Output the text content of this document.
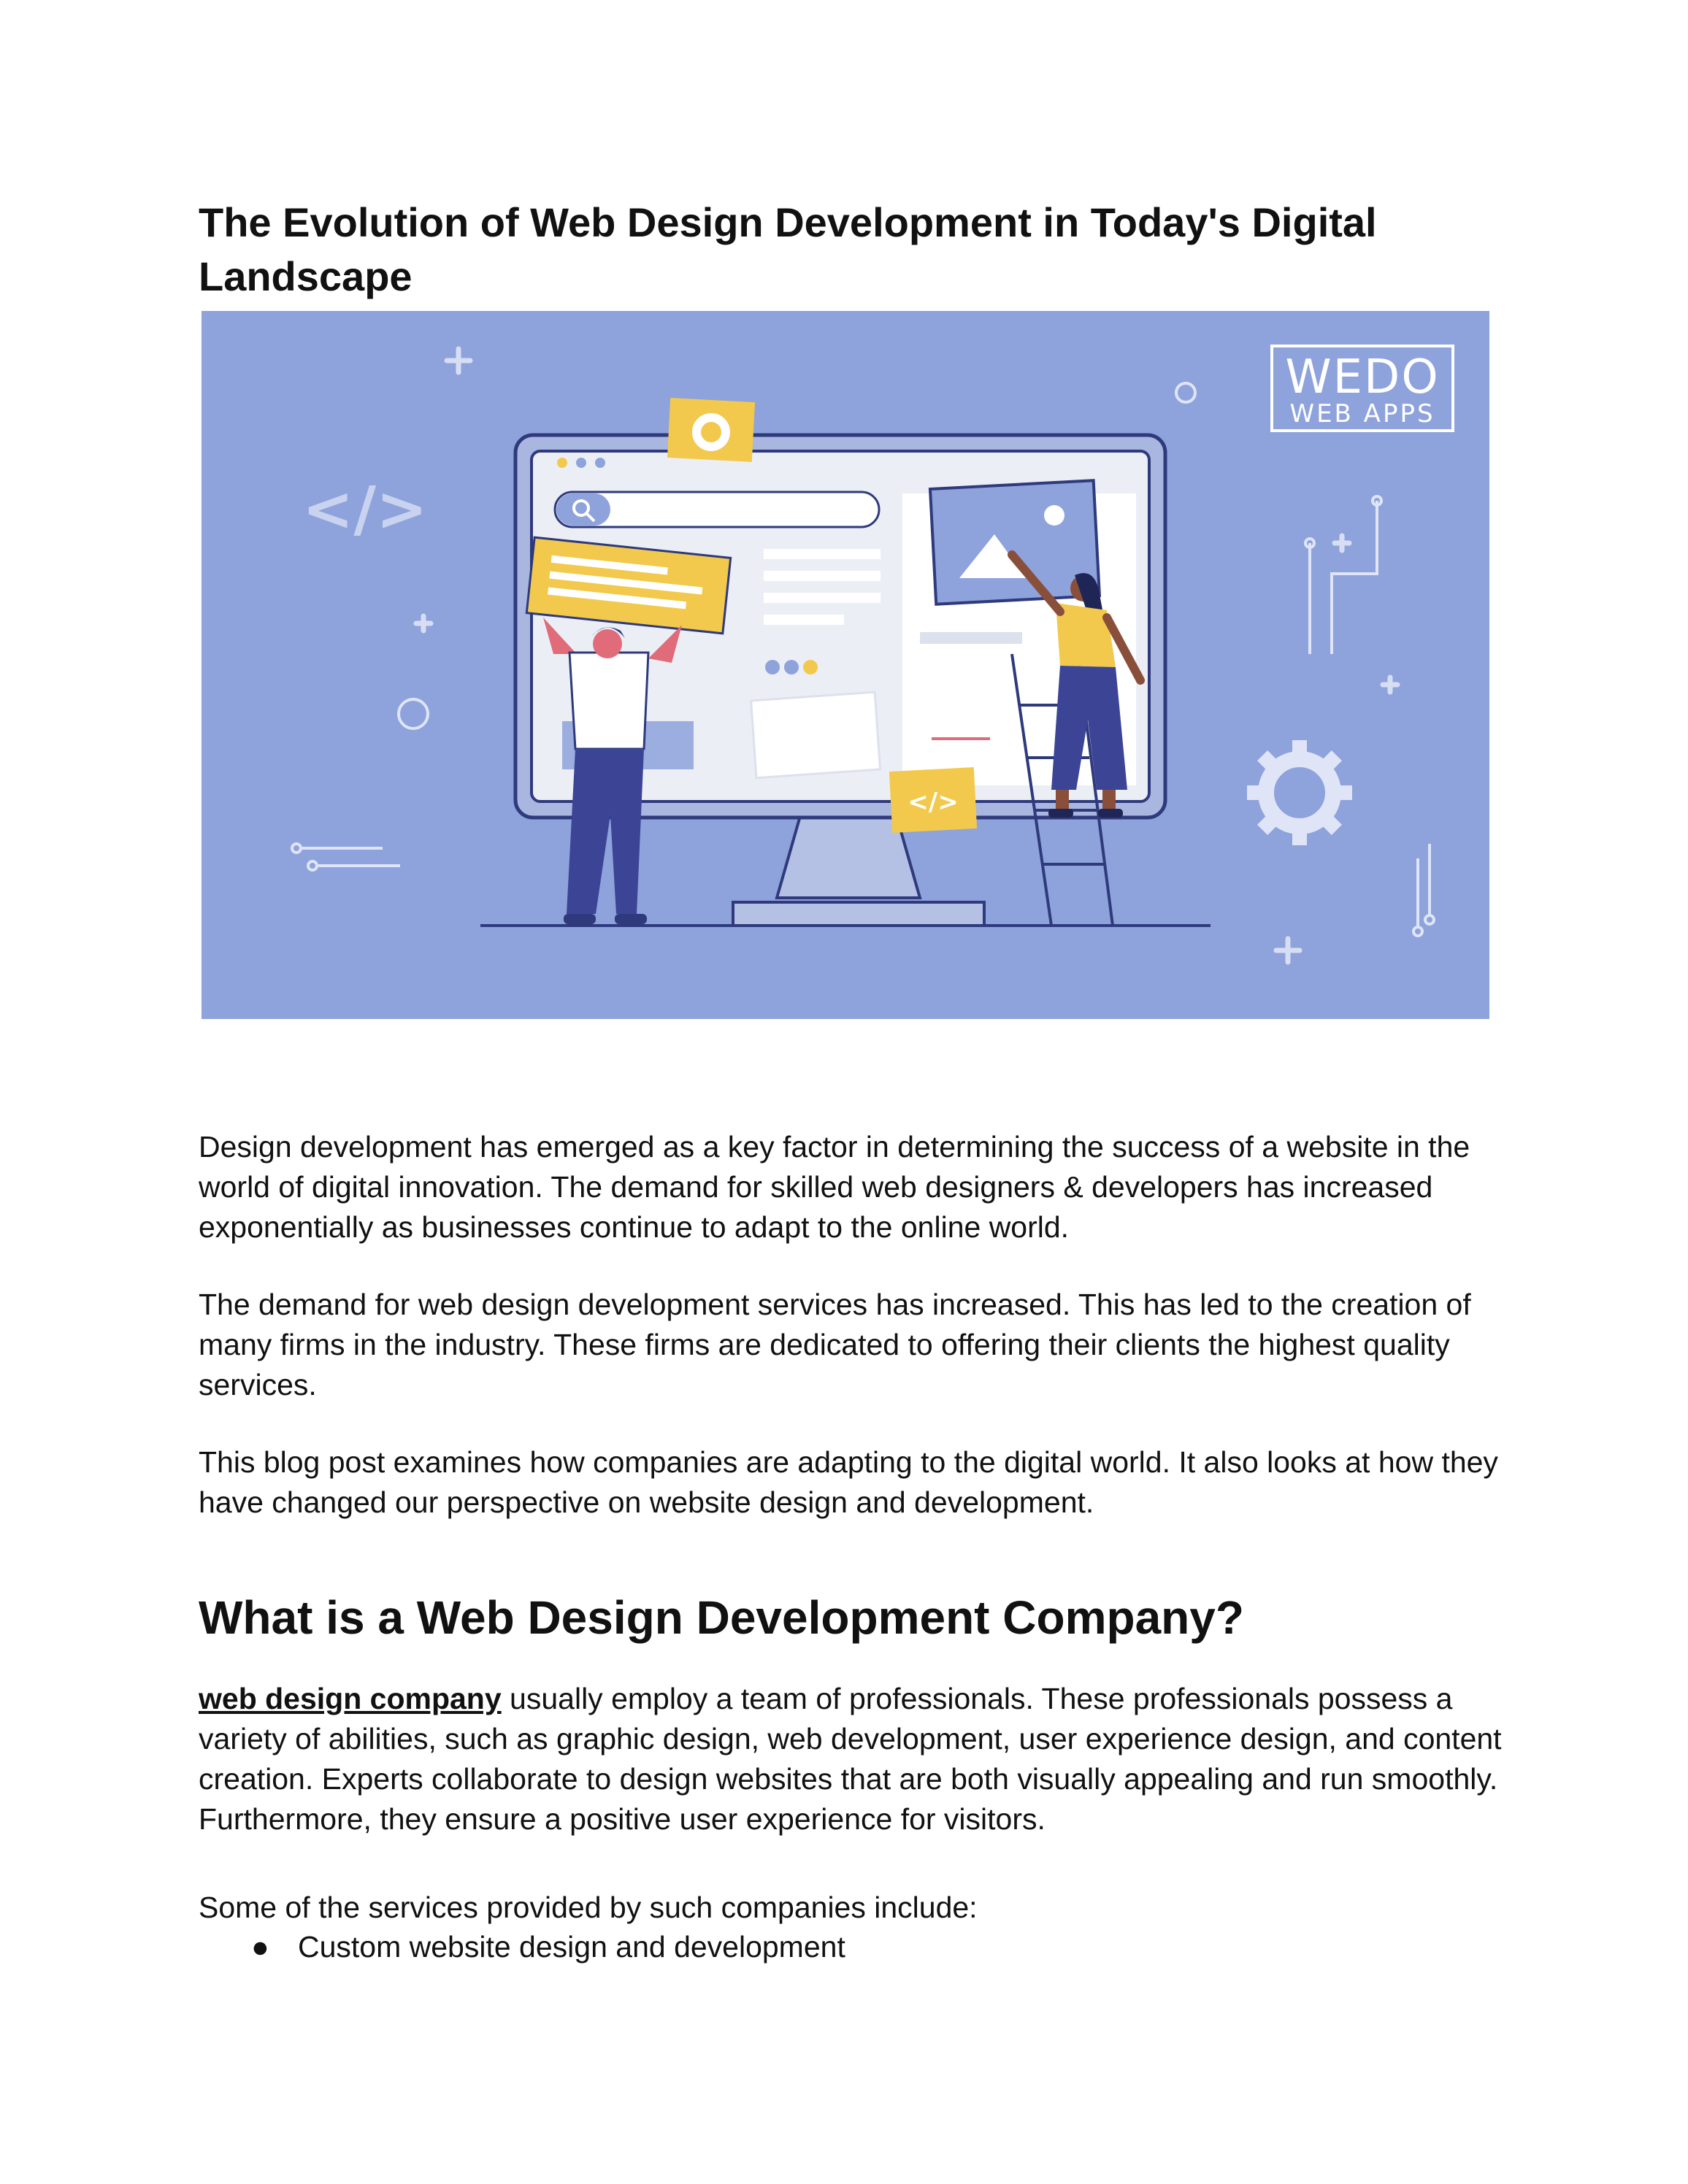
The Evolution of Web Design Development in Today's Digital Landscape
</>
WEDO
WEB APPS
</>

Design development has emerged as a key factor in determining the success of a website in the world of digital innovation. The demand for skilled web designers & developers has increased exponentially as businesses continue to adapt to the online world.

The demand for web design development services has increased. This has led to the creation of many firms in the industry. These firms are dedicated to offering their clients the highest quality services.

This blog post examines how companies are adapting to the digital world. It also looks at how they have changed our perspective on website design and development.

What is a Web Design Development Company?

web design company usually employ a team of professionals. These professionals possess a variety of abilities, such as graphic design, web development, user experience design, and content creation. Experts collaborate to design websites that are both visually appealing and run smoothly. Furthermore, they ensure a positive user experience for visitors.

Some of the services provided by such companies include:

● Custom website design and development
